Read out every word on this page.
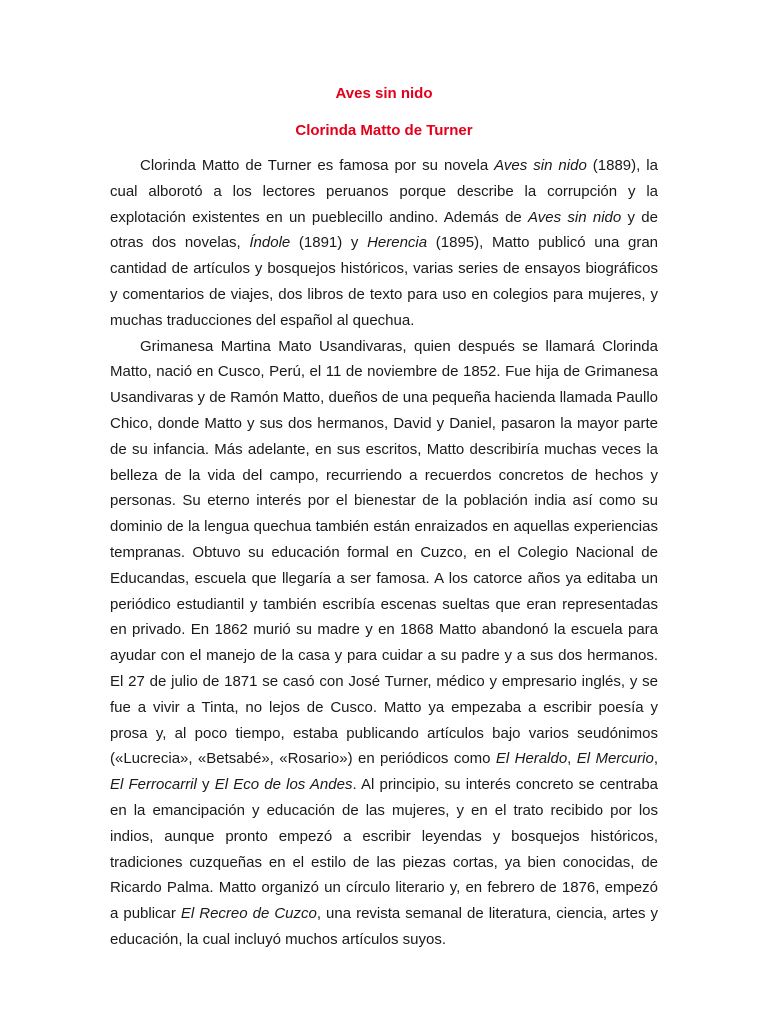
Aves sin nido

Clorinda Matto de Turner

Clorinda Matto de Turner es famosa por su novela Aves sin nido (1889), la cual alborotó a los lectores peruanos porque describe la corrupción y la explotación existentes en un pueblecillo andino. Además de Aves sin nido y de otras dos novelas, Índole (1891) y Herencia (1895), Matto publicó una gran cantidad de artículos y bosquejos históricos, varias series de ensayos biográficos y comentarios de viajes, dos libros de texto para uso en colegios para mujeres, y muchas traducciones del español al quechua.

Grimanesa Martina Mato Usandivaras, quien después se llamará Clorinda Matto, nació en Cusco, Perú, el 11 de noviembre de 1852. Fue hija de Grimanesa Usandivaras y de Ramón Matto, dueños de una pequeña hacienda llamada Paullo Chico, donde Matto y sus dos hermanos, David y Daniel, pasaron la mayor parte de su infancia. Más adelante, en sus escritos, Matto describiría muchas veces la belleza de la vida del campo, recurriendo a recuerdos concretos de hechos y personas. Su eterno interés por el bienestar de la población india así como su dominio de la lengua quechua también están enraizados en aquellas experiencias tempranas. Obtuvo su educación formal en Cuzco, en el Colegio Nacional de Educandas, escuela que llegaría a ser famosa. A los catorce años ya editaba un periódico estudiantil y también escribía escenas sueltas que eran representadas en privado. En 1862 murió su madre y en 1868 Matto abandonó la escuela para ayudar con el manejo de la casa y para cuidar a su padre y a sus dos hermanos. El 27 de julio de 1871 se casó con José Turner, médico y empresario inglés, y se fue a vivir a Tinta, no lejos de Cusco. Matto ya empezaba a escribir poesía y prosa y, al poco tiempo, estaba publicando artículos bajo varios seudónimos («Lucrecia», «Betsabé», «Rosario») en periódicos como El Heraldo, El Mercurio, El Ferrocarril y El Eco de los Andes. Al principio, su interés concreto se centraba en la emancipación y educación de las mujeres, y en el trato recibido por los indios, aunque pronto empezó a escribir leyendas y bosquejos históricos, tradiciones cuzqueñas en el estilo de las piezas cortas, ya bien conocidas, de Ricardo Palma. Matto organizó un círculo literario y, en febrero de 1876, empezó a publicar El Recreo de Cuzco, una revista semanal de literatura, ciencia, artes y educación, la cual incluyó muchos artículos suyos.
